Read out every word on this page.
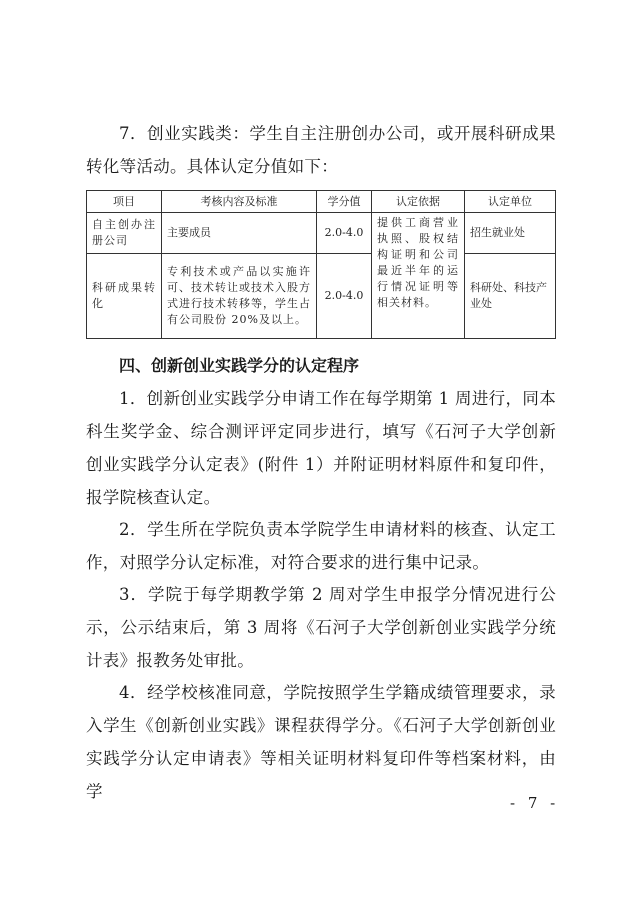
7．创业实践类：学生自主注册创办公司，或开展科研成果转化等活动。具体认定分值如下：

项目	考核内容及标准	学分值	认定依据	认定单位
自主创办注册公司	主要成员	2.0-4.0	提供工商营业执照、股权结构证明和公司最近半年的运行情况证明等相关材料。	招生就业处
科研成果转化	专利技术或产品以实施许可、技术转让或技术入股方式进行技术转移等，学生占有公司股份 20%及以上。	2.0-4.0		科研处、科技产业处

四、创新创业实践学分的认定程序

1．创新创业实践学分申请工作在每学期第 1 周进行，同本科生奖学金、综合测评评定同步进行，填写《石河子大学创新创业实践学分认定表》(附件 1）并附证明材料原件和复印件，报学院核查认定。

2．学生所在学院负责本学院学生申请材料的核查、认定工作，对照学分认定标准，对符合要求的进行集中记录。

3．学院于每学期教学第 2 周对学生申报学分情况进行公示，公示结束后，第 3 周将《石河子大学创新创业实践学分统计表》报教务处审批。

4．经学校核准同意，学院按照学生学籍成绩管理要求，录入学生《创新创业实践》课程获得学分。《石河子大学创新创业实践学分认定申请表》等相关证明材料复印件等档案材料，由学

- 7 -
